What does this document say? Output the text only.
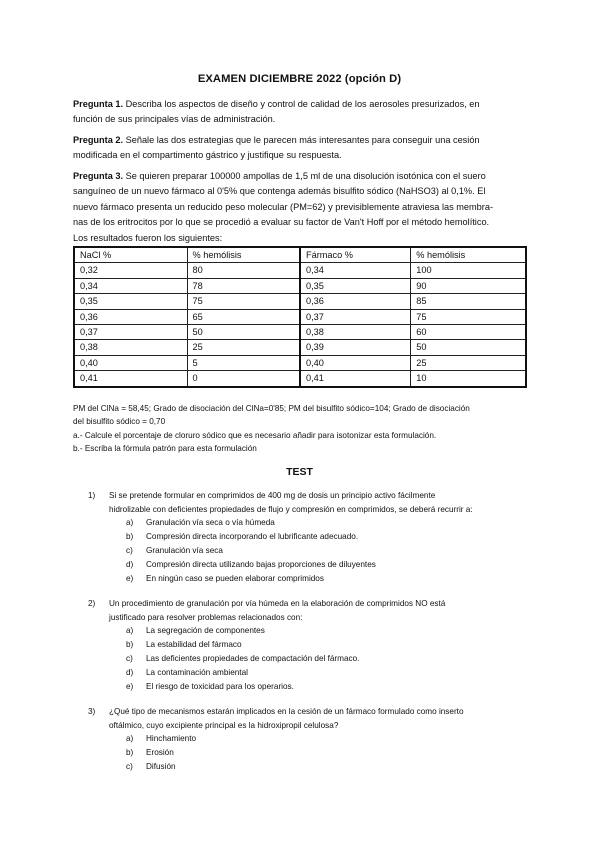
EXAMEN DICIEMBRE 2022 (opción D)
Pregunta 1. Describa los aspectos de diseño y control de calidad de los aerosoles presurizados, en
función de sus principales vías de administración.
Pregunta 2. Señale las dos estrategias que le parecen más interesantes para conseguir una cesión
modificada en el compartimento gástrico y justifique su respuesta.
Pregunta 3. Se quieren preparar 100000 ampollas de 1,5 ml de una disolución isotónica con el suero
sanguíneo de un nuevo fármaco al 0'5% que contenga además bisulfito sódico (NaHSO3) al 0,1%. El
nuevo fármaco presenta un reducido peso molecular (PM=62) y previsiblemente atraviesa las membra-
nas de los eritrocitos por lo que se procedió a evaluar su factor de Van't Hoff por el método hemolítico.
Los resultados fueron los siguientes:
NaCl %	% hemólisis	Fármaco %	% hemólisis
0,32	80	0,34	100
0,34	78	0,35	90
0,35	75	0,36	85
0,36	65	0,37	75
0,37	50	0,38	60
0,38	25	0,39	50
0,40	5	0,40	25
0,41	0	0,41	10
PM del ClNa = 58,45; Grado de disociación del ClNa=0'85; PM del bisulfito sódico=104; Grado de disociación
del bisulfito sódico = 0,70
a.- Calcule el porcentaje de cloruro sódico que es necesario añadir para isotonizar esta formulación.
b.- Escriba la fórmula patrón para esta formulación
TEST
1) Si se pretende formular en comprimidos de 400 mg de dosis un principio activo fácilmente
hidrolizable con deficientes propiedades de flujo y compresión en comprimidos, se deberá recurrir a:
a) Granulación vía seca o vía húmeda
b) Compresión directa incorporando el lubrificante adecuado.
c) Granulación vía seca
d) Compresión directa utilizando bajas proporciones de diluyentes
e) En ningún caso se pueden elaborar comprimidos
2) Un procedimiento de granulación por vía húmeda en la elaboración de comprimidos NO está
justificado para resolver problemas relacionados con:
a) La segregación de componentes
b) La estabilidad del fármaco
c) Las deficientes propiedades de compactación del fármaco.
d) La contaminación ambiental
e) El riesgo de toxicidad para los operarios.
3) ¿Qué tipo de mecanismos estarán implicados en la cesión de un fármaco formulado como inserto
oftálmico, cuyo excipiente principal es la hidroxipropil celulosa?
a) Hinchamiento
b) Erosión
c) Difusión
